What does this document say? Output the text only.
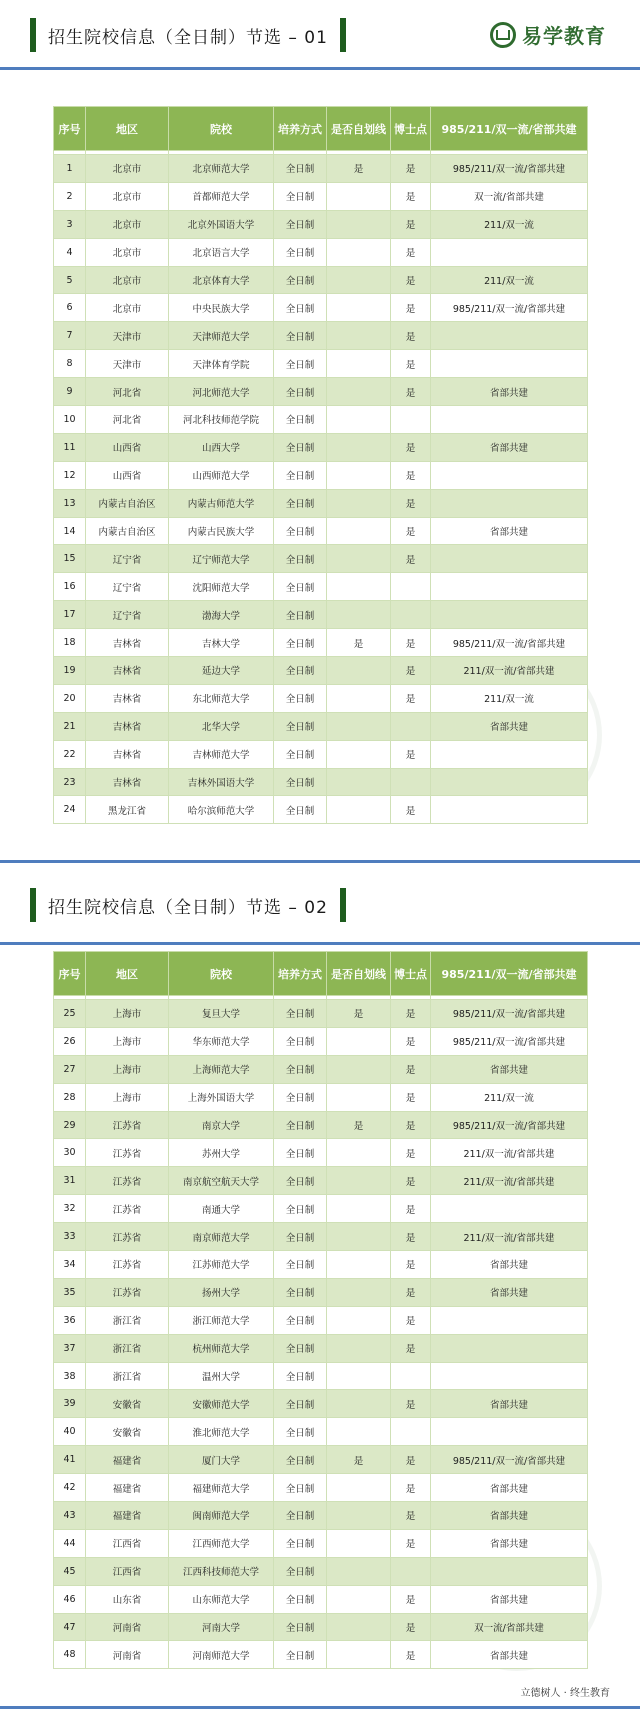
招生院校信息（全日制）节选 – 01	易学教育
序号	地区	院校	培养方式	是否自划线	博士点	985/211/双一流/省部共建

1	北京市	北京师范大学	全日制	是	是	985/211/双一流/省部共建
2	北京市	首都师范大学	全日制		是	双一流/省部共建
3	北京市	北京外国语大学	全日制		是	211/双一流
4	北京市	北京语言大学	全日制		是	
5	北京市	北京体育大学	全日制		是	211/双一流
6	北京市	中央民族大学	全日制		是	985/211/双一流/省部共建
7	天津市	天津师范大学	全日制		是	
8	天津市	天津体育学院	全日制		是	
9	河北省	河北师范大学	全日制		是	省部共建
10	河北省	河北科技师范学院	全日制			
11	山西省	山西大学	全日制		是	省部共建
12	山西省	山西师范大学	全日制		是	
13	内蒙古自治区	内蒙古师范大学	全日制		是	
14	内蒙古自治区	内蒙古民族大学	全日制		是	省部共建
15	辽宁省	辽宁师范大学	全日制		是	
16	辽宁省	沈阳师范大学	全日制			
17	辽宁省	渤海大学	全日制			
18	吉林省	吉林大学	全日制	是	是	985/211/双一流/省部共建
19	吉林省	延边大学	全日制		是	211/双一流/省部共建
20	吉林省	东北师范大学	全日制		是	211/双一流
21	吉林省	北华大学	全日制			省部共建
22	吉林省	吉林师范大学	全日制		是	
23	吉林省	吉林外国语大学	全日制			
24	黑龙江省	哈尔滨师范大学	全日制		是	
招生院校信息（全日制）节选 – 02
序号	地区	院校	培养方式	是否自划线	博士点	985/211/双一流/省部共建

25	上海市	复旦大学	全日制	是	是	985/211/双一流/省部共建
26	上海市	华东师范大学	全日制		是	985/211/双一流/省部共建
27	上海市	上海师范大学	全日制		是	省部共建
28	上海市	上海外国语大学	全日制		是	211/双一流
29	江苏省	南京大学	全日制	是	是	985/211/双一流/省部共建
30	江苏省	苏州大学	全日制		是	211/双一流/省部共建
31	江苏省	南京航空航天大学	全日制		是	211/双一流/省部共建
32	江苏省	南通大学	全日制		是	
33	江苏省	南京师范大学	全日制		是	211/双一流/省部共建
34	江苏省	江苏师范大学	全日制		是	省部共建
35	江苏省	扬州大学	全日制		是	省部共建
36	浙江省	浙江师范大学	全日制		是	
37	浙江省	杭州师范大学	全日制		是	
38	浙江省	温州大学	全日制			
39	安徽省	安徽师范大学	全日制		是	省部共建
40	安徽省	淮北师范大学	全日制			
41	福建省	厦门大学	全日制	是	是	985/211/双一流/省部共建
42	福建省	福建师范大学	全日制		是	省部共建
43	福建省	闽南师范大学	全日制		是	省部共建
44	江西省	江西师范大学	全日制		是	省部共建
45	江西省	江西科技师范大学	全日制			
46	山东省	山东师范大学	全日制		是	省部共建
47	河南省	河南大学	全日制		是	双一流/省部共建
48	河南省	河南师范大学	全日制		是	省部共建
立德树人 · 终生教育
